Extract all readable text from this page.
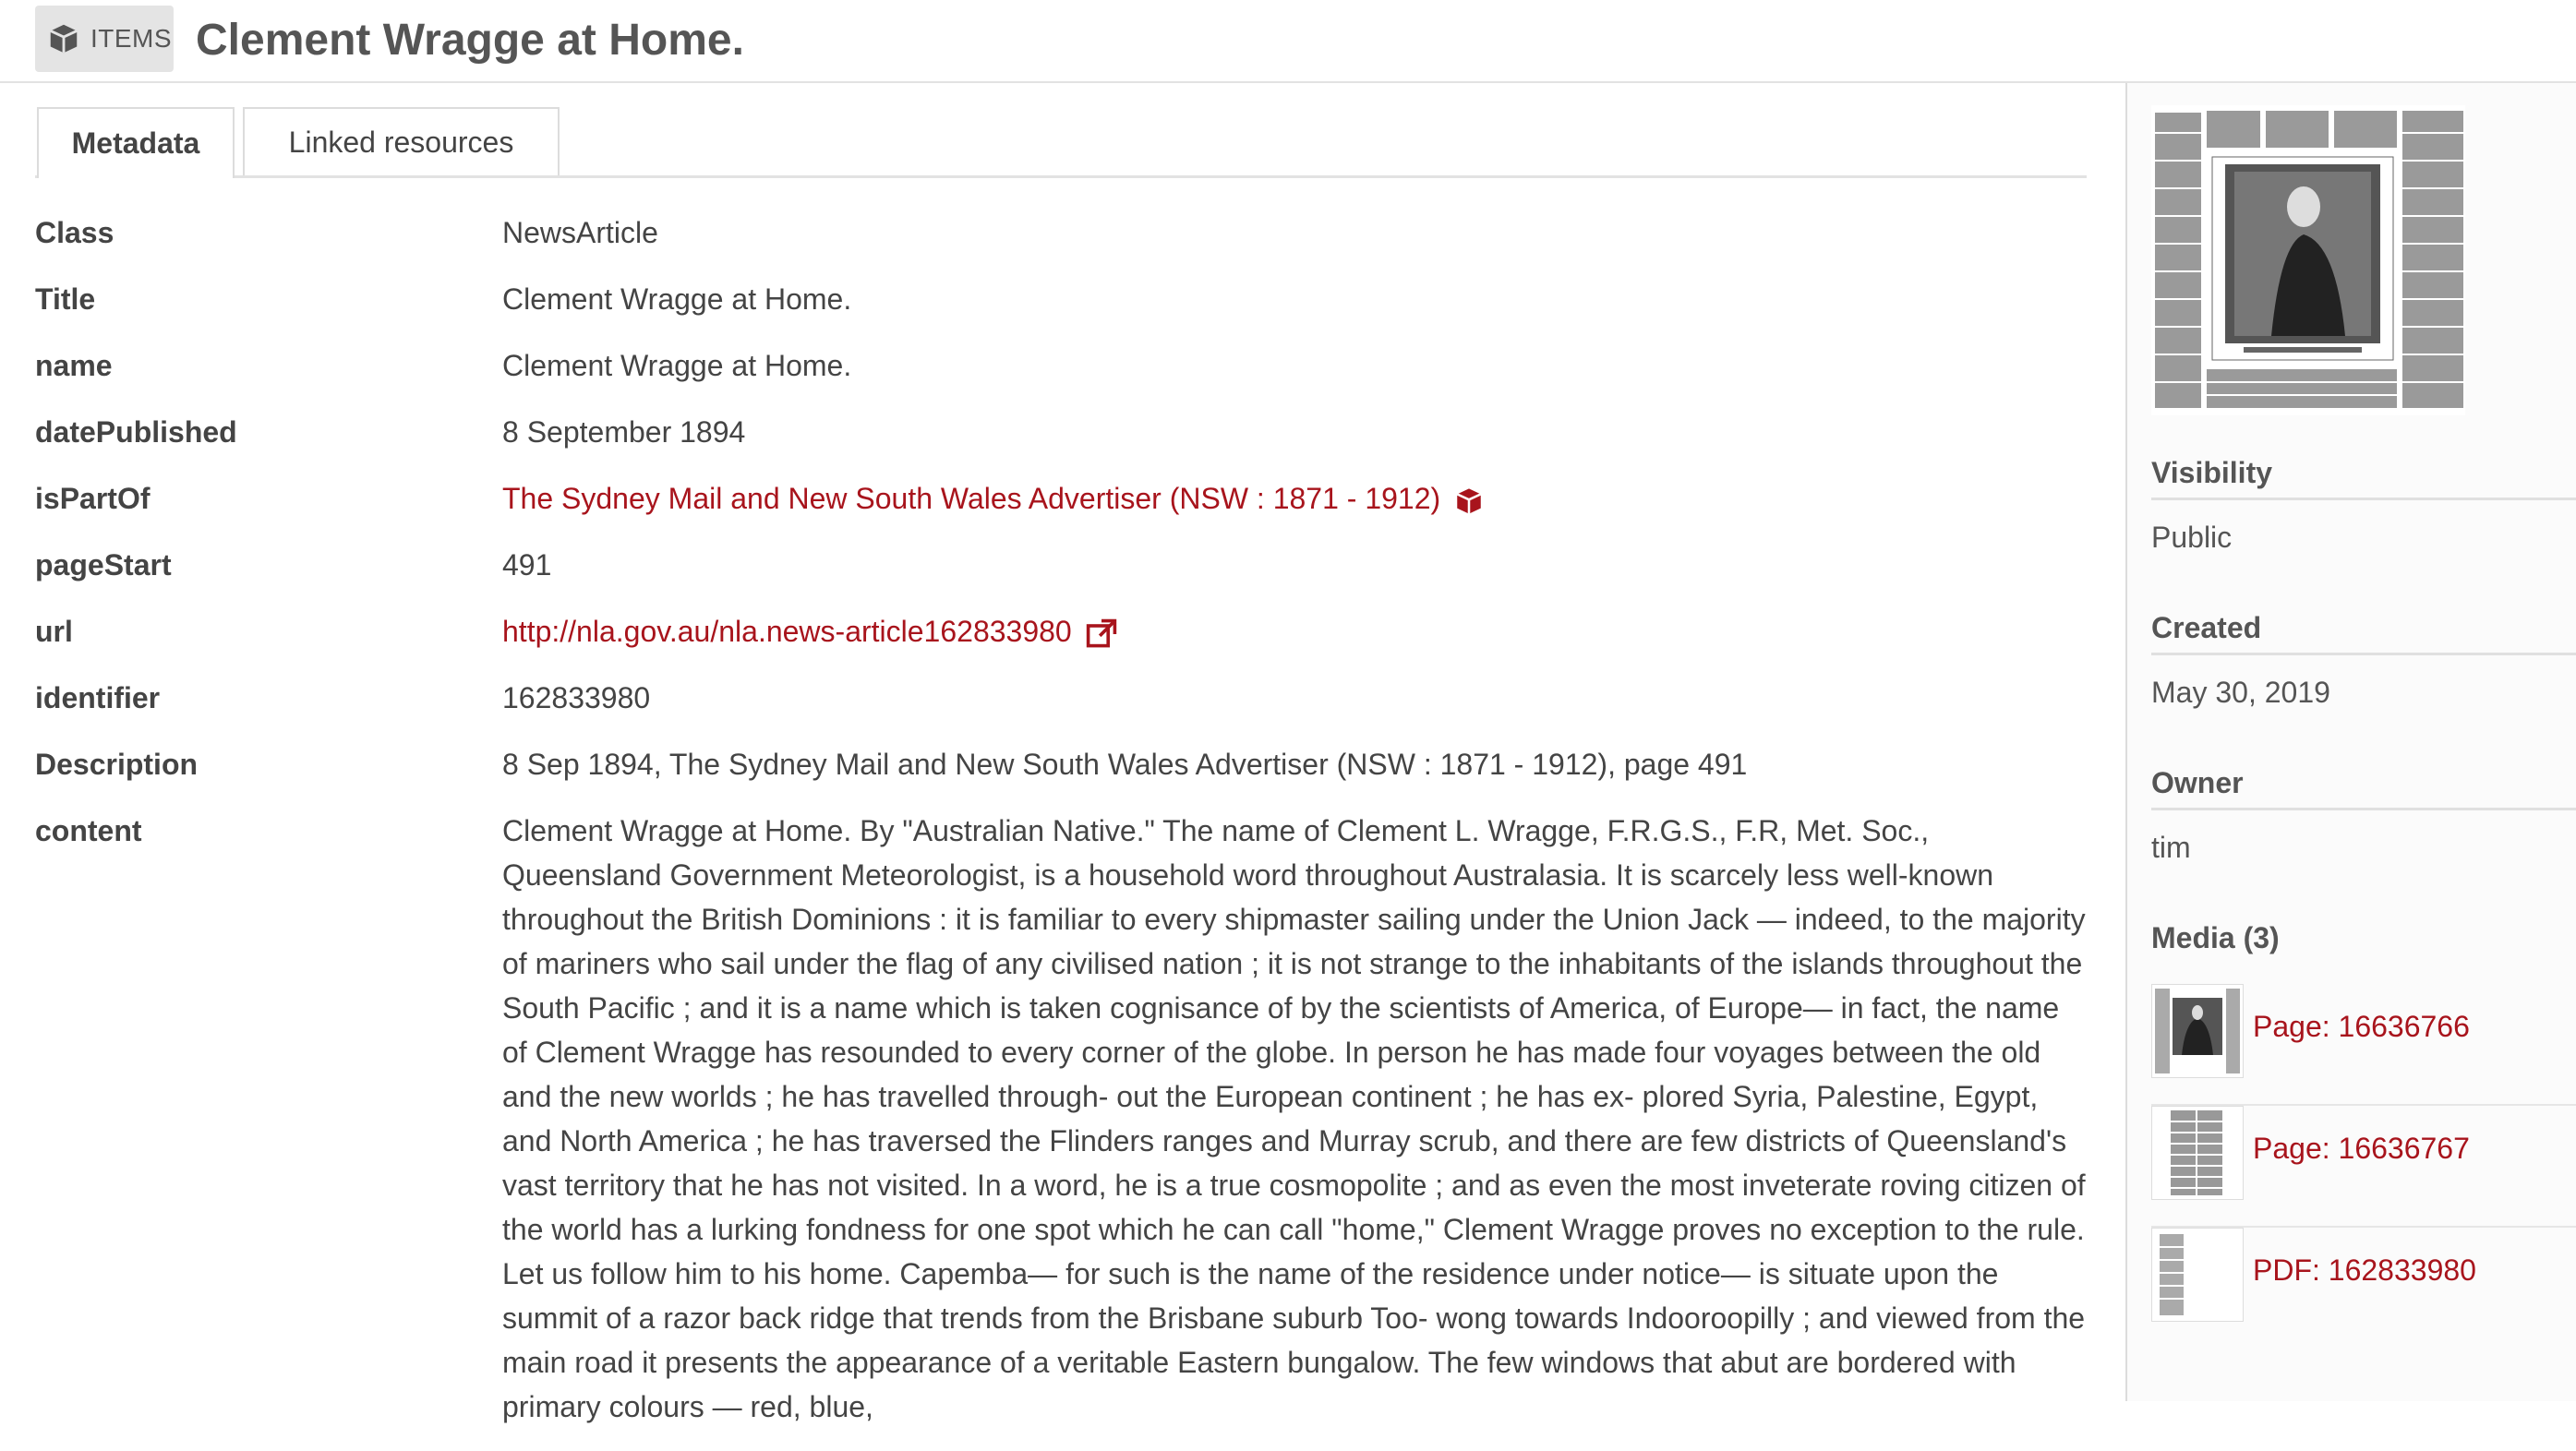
ITEMS Clement Wragge at Home.
Metadata	Linked resources
Class	NewsArticle
Title	Clement Wragge at Home.
name	Clement Wragge at Home.
datePublished	8 September 1894
isPartOf	The Sydney Mail and New South Wales Advertiser (NSW : 1871 - 1912)
pageStart	491
url	http://nla.gov.au/nla.news-article162833980
identifier	162833980
Description	8 Sep 1894, The Sydney Mail and New South Wales Advertiser (NSW : 1871 - 1912), page 491
content	Clement Wragge at Home. By "Australian Native." The name of Clement L. Wragge, F.R.G.S., F.R, Met. Soc., Queensland Government Meteorologist, is a household word throughout Australasia. It is scarcely less well-known throughout the British Dominions : it is familiar to every shipmaster sailing under the Union Jack — indeed, to the majority of mariners who sail under the flag of any civilised nation ; it is not strange to the inhabitants of the islands throughout the South Pacific ; and it is a name which is taken cognisance of by the scientists of America, of Europe— in fact, the name of Clement Wragge has resounded to every corner of the globe. In person he has made four voyages between the old and the new worlds ; he has travelled through- out the European continent ; he has ex- plored Syria, Palestine, Egypt, and North America ; he has traversed the Flinders ranges and Murray scrub, and there are few districts of Queensland's vast territory that he has not visited. In a word, he is a true cosmopolite ; and as even the most inveterate roving citizen of the world has a lurking fondness for one spot which he can call "home," Clement Wragge proves no exception to the rule. Let us follow him to his home. Capemba— for such is the name of the residence under notice— is situate upon the summit of a razor back ridge that trends from the Brisbane suburb Too- wong towards Indooroopilly ; and viewed from the main road it presents the appearance of a veritable Eastern bungalow. The few windows that abut are bordered with primary colours — red, blue,
Visibility
Public
Created
May 30, 2019
Owner
tim
Media (3)
Page: 16636766
Page: 16636767
PDF: 162833980
